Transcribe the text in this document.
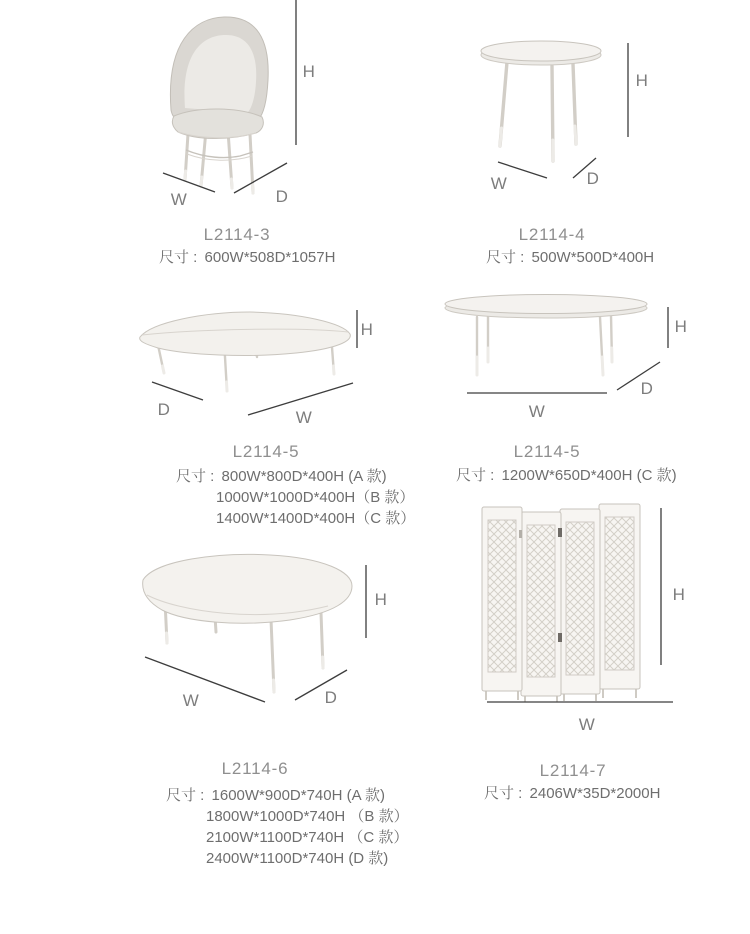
H
W	D
L2114-3
尺寸 : 600W*508D*1057H
H
W	D
L2114-4
尺寸 : 500W*500D*400H
H
D	W
L2114-5
尺寸 : 800W*800D*400H (A 款)
1000W*1000D*400H（B 款）
1400W*1400D*400H（C 款）
H
W
D
L2114-5
尺寸 : 1200W*650D*400H (C 款)
H
W	D
L2114-6
尺寸 : 1600W*900D*740H (A 款)
1800W*1000D*740H （B 款）
2100W*1100D*740H （C 款）
2400W*1100D*740H (D 款)
H
W
L2114-7
尺寸 : 2406W*35D*2000H
